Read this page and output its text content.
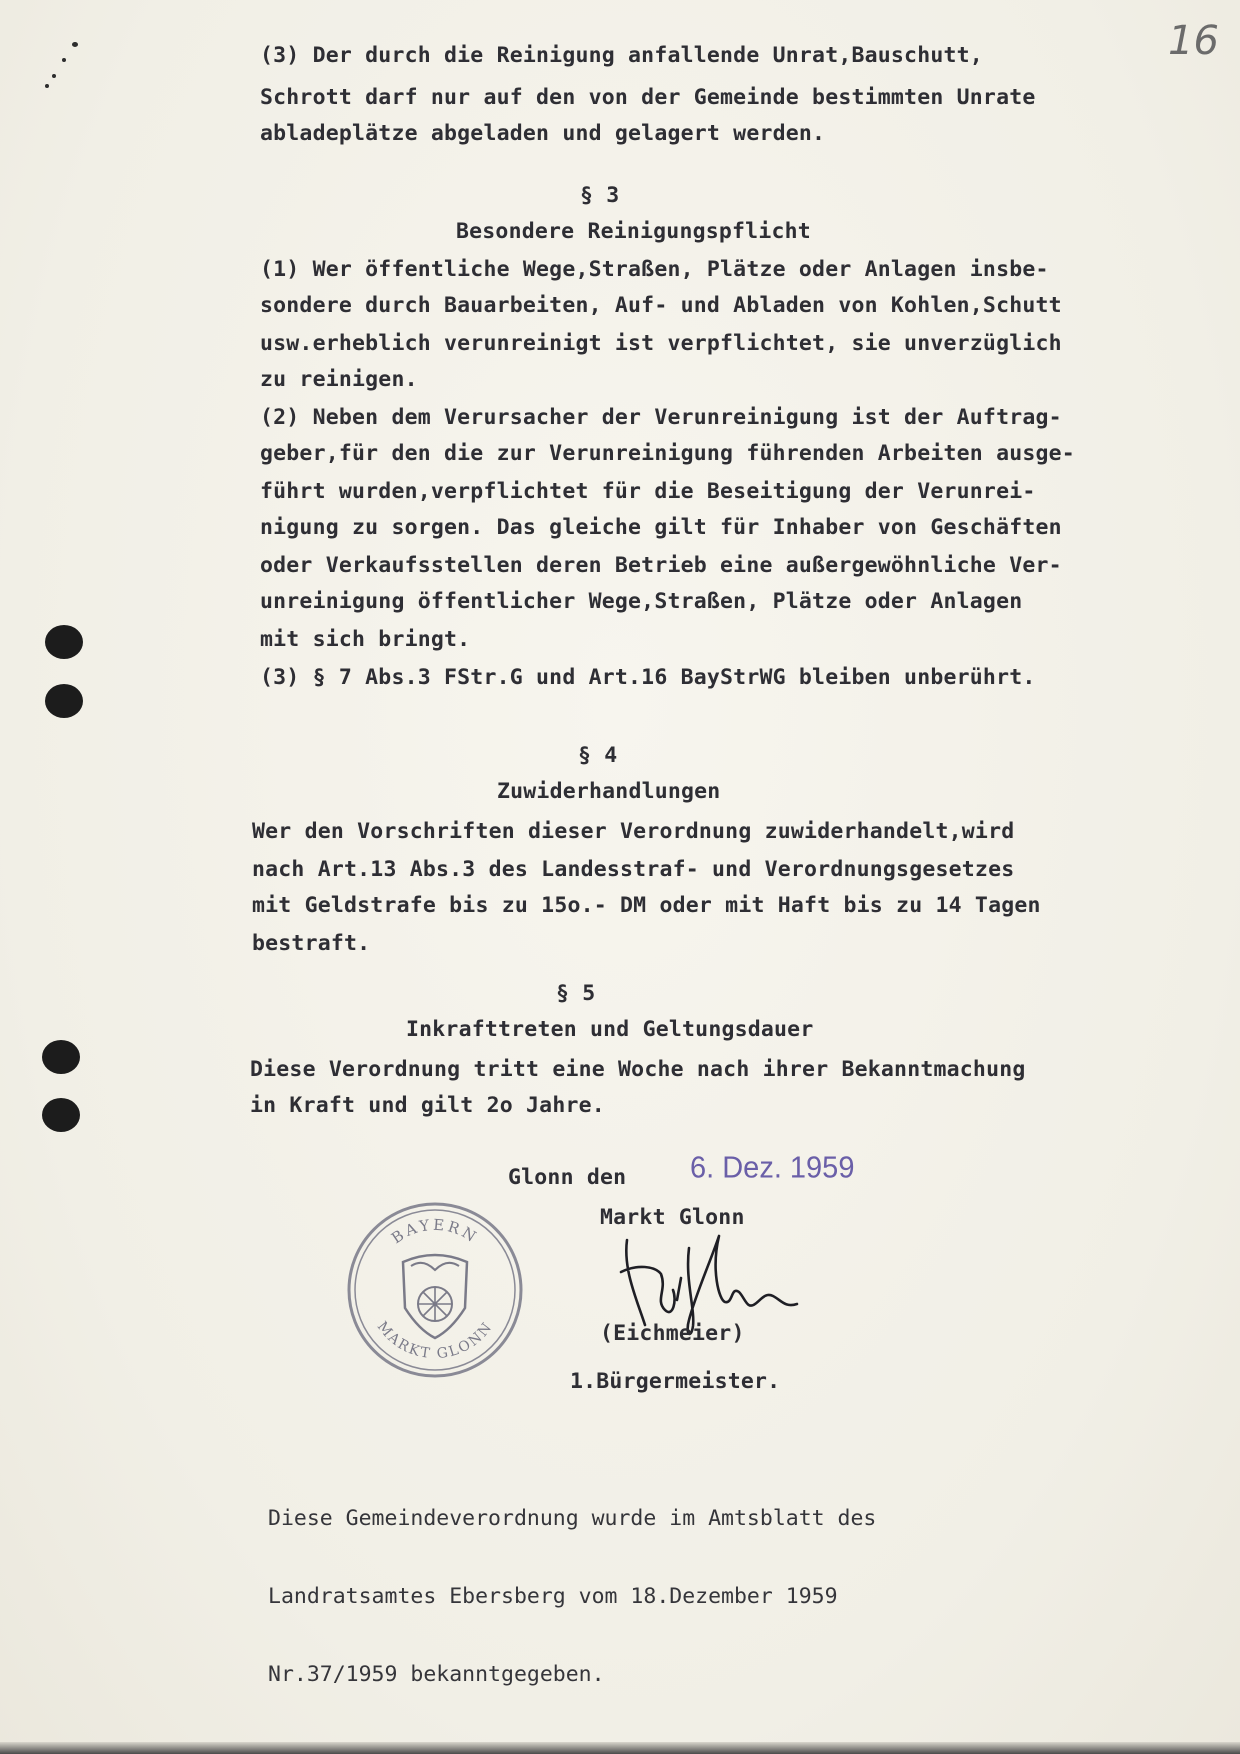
16
(3) Der durch die Reinigung anfallende Unrat,Bauschutt,
Schrott darf nur auf den von der Gemeinde bestimmten Unrate
abladeplätze abgeladen und gelagert werden.
§ 3
Besondere Reinigungspflicht
(1) Wer öffentliche Wege,Straßen, Plätze oder Anlagen insbe-
sondere durch Bauarbeiten, Auf- und Abladen von Kohlen,Schutt
usw.erheblich verunreinigt ist verpflichtet, sie unverzüglich
zu reinigen.
(2) Neben dem Verursacher der Verunreinigung ist der Auftrag-
geber,für den die zur Verunreinigung führenden Arbeiten ausge-
führt wurden,verpflichtet für die Beseitigung der Verunrei-
nigung zu sorgen. Das gleiche gilt für Inhaber von Geschäften
oder Verkaufsstellen deren Betrieb eine außergewöhnliche Ver-
unreinigung öffentlicher Wege,Straßen, Plätze oder Anlagen
mit sich bringt.
(3) § 7 Abs.3 FStr.G und Art.16 BayStrWG bleiben unberührt.
§ 4
Zuwiderhandlungen
Wer den Vorschriften dieser Verordnung zuwiderhandelt,wird
nach Art.13 Abs.3 des Landesstraf- und Verordnungsgesetzes
mit Geldstrafe bis zu 15o.- DM oder mit Haft bis zu 14 Tagen
bestraft.
§ 5
Inkrafttreten und Geltungsdauer
Diese Verordnung tritt eine Woche nach ihrer Bekanntmachung
in Kraft und gilt 2o Jahre.
Glonn den 6. Dez. 1959
Markt Glonn
BAYERN
MARKT GLONN	(Eichmeier)
1.Bürgermeister.

Diese Gemeindeverordnung wurde im Amtsblatt des

Landratsamtes Ebersberg vom 18.Dezember 1959

Nr.37/1959 bekanntgegeben.
